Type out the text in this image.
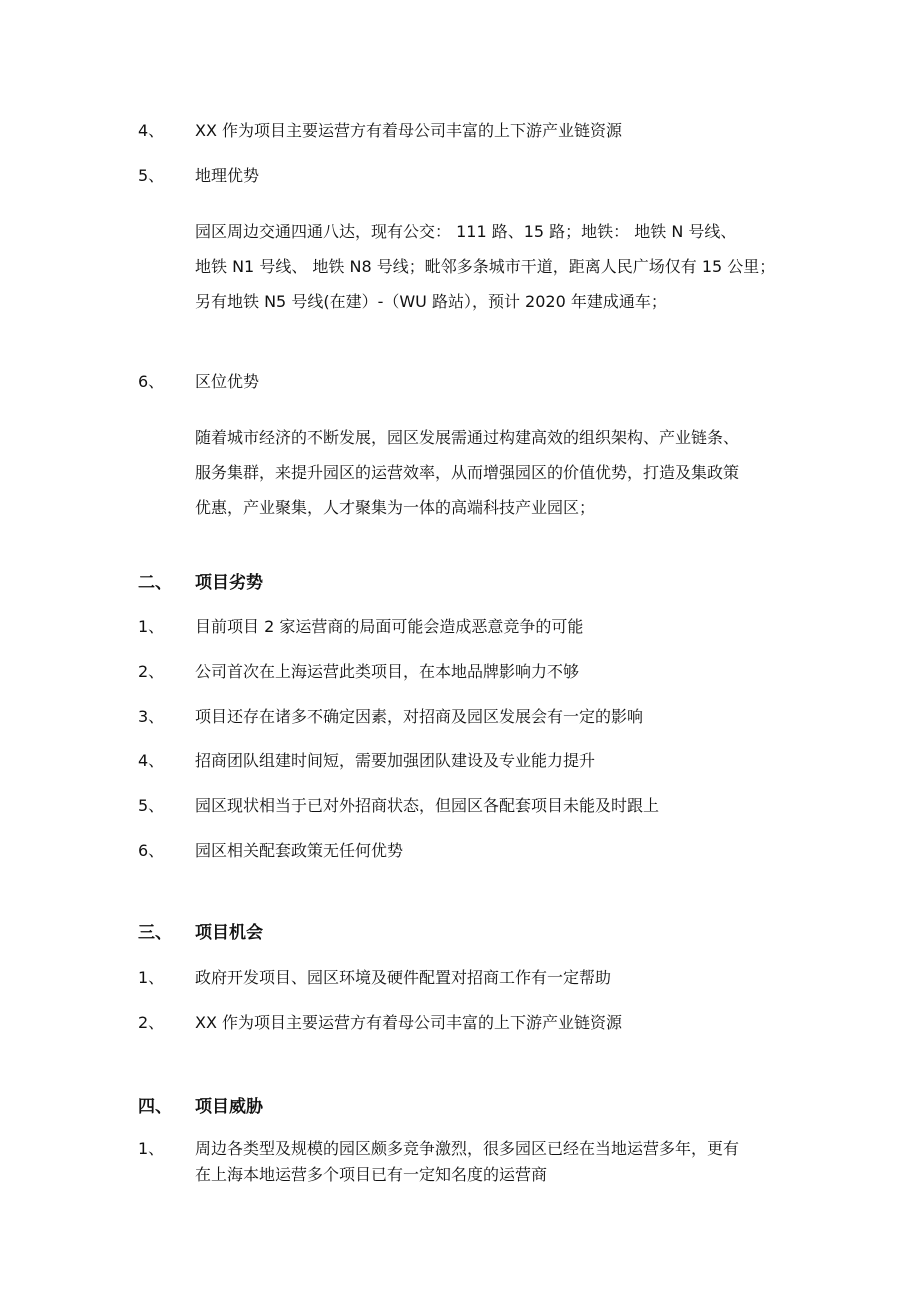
4、 XX 作为项目主要运营方有着母公司丰富的上下游产业链资源
5、 地理优势

园区周边交通四通八达，现有公交： 111 路、15 路；地铁： 地铁 N 号线、

地铁 N1 号线、 地铁 N8 号线；毗邻多条城市干道，距离人民广场仅有 15 公里；

另有地铁 N5 号线(在建）-（WU 路站），预计 2020 年建成通车；

6、 区位优势

随着城市经济的不断发展，园区发展需通过构建高效的组织架构、产业链条、

服务集群，来提升园区的运营效率，从而增强园区的价值优势，打造及集政策

优惠，产业聚集，人才聚集为一体的高端科技产业园区；

二、 项目劣势
1、 目前项目 2 家运营商的局面可能会造成恶意竞争的可能
2、 公司首次在上海运营此类项目，在本地品牌影响力不够
3、 项目还存在诸多不确定因素，对招商及园区发展会有一定的影响
4、 招商团队组建时间短，需要加强团队建设及专业能力提升
5、 园区现状相当于已对外招商状态，但园区各配套项目未能及时跟上
6、 园区相关配套政策无任何优势
三、 项目机会
1、 政府开发项目、园区环境及硬件配置对招商工作有一定帮助
2、 XX 作为项目主要运营方有着母公司丰富的上下游产业链资源
四、 项目威胁
1、 周边各类型及规模的园区颇多竞争激烈，很多园区已经在当地运营多年，更有

在上海本地运营多个项目已有一定知名度的运营商
